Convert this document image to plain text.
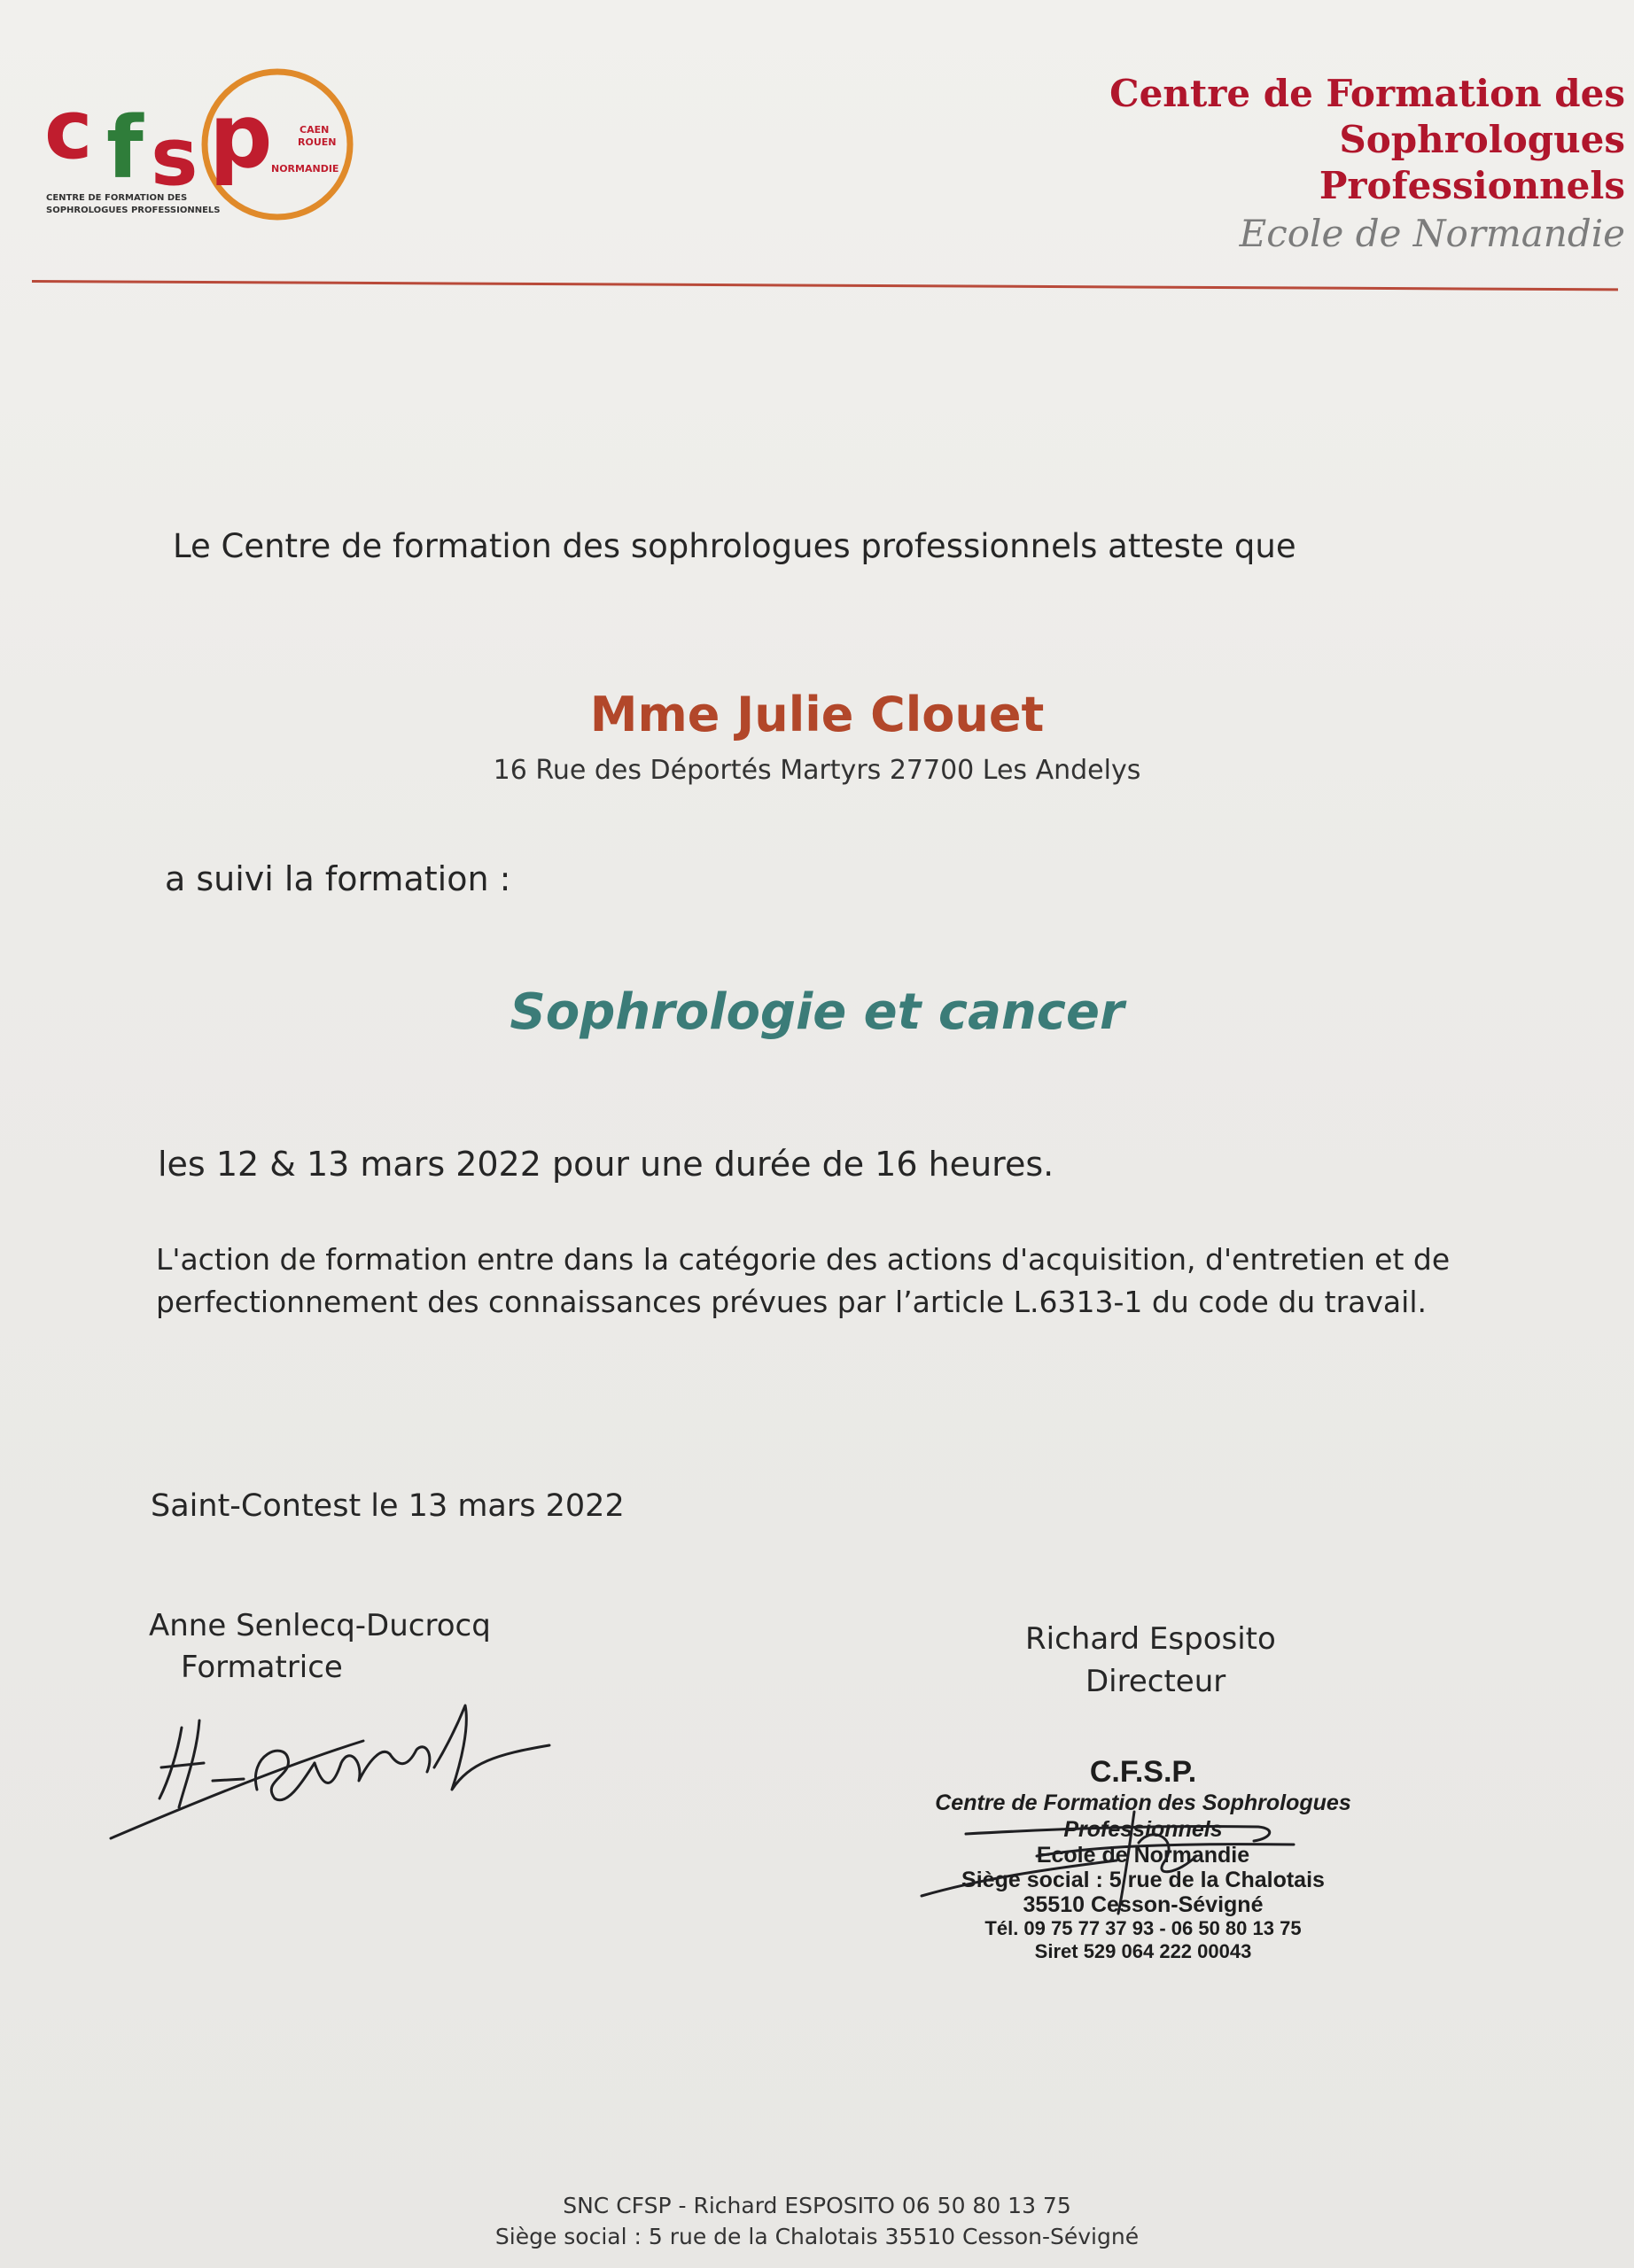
c f s p	CAEN
ROUEN
NORMANDIE
CENTRE DE FORMATION DES
SOPHROLOGUES PROFESSIONNELS
Centre de Formation des Sophrologues
Professionnels
Ecole de Normandie
Le Centre de formation des sophrologues professionnels atteste que
Mme Julie Clouet
16 Rue des Déportés Martyrs 27700 Les Andelys
a suivi la formation :
Sophrologie et cancer
les 12 & 13 mars 2022 pour une durée de 16 heures.
L'action de formation entre dans la catégorie des actions d'acquisition, d'entretien et de
perfectionnement des connaissances prévues par l’article L.6313-1 du code du travail.
Saint-Contest le 13 mars 2022
Anne Senlecq-Ducrocq
Formatrice
Richard Esposito
Directeur
C.F.S.P.
Centre de Formation des Sophrologues
Professionnels
Ecole de Normandie
Siège social : 5 rue de la Chalotais
35510 Cesson-Sévigné
Tél. 09 75 77 37 93 - 06 50 80 13 75
Siret 529 064 222 00043
SNC CFSP - Richard ESPOSITO 06 50 80 13 75
Siège social : 5 rue de la Chalotais 35510 Cesson-Sévigné
